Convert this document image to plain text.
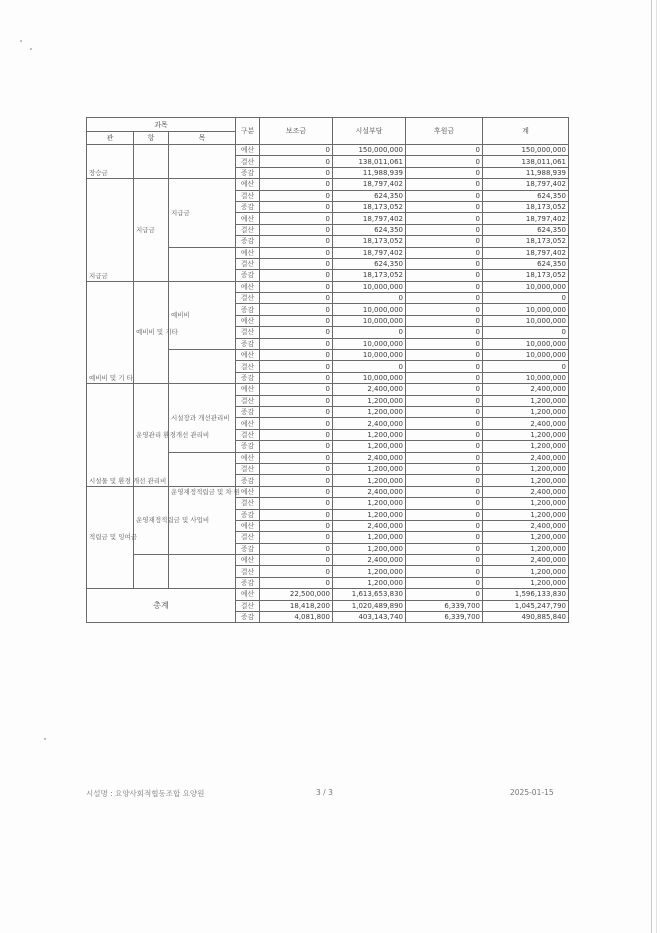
과목			구분	보조금	시설부담	후원금	계
관	항	목					
장승금			예산	0	150,000,000	0	150,000,000
			결산	0	138,011,061	0	138,011,061
			증감	0	11,988,939	0	11,988,939
지급금	지급금	지급금	예산	0	18,797,402	0	18,797,402
			결산	0	624,350	0	624,350
			증감	0	18,173,052	0	18,173,052
			예산	0	18,797,402	0	18,797,402
			결산	0	624,350	0	624,350
			증감	0	18,173,052	0	18,173,052
			예산	0	18,797,402	0	18,797,402
			결산	0	624,350	0	624,350
			증감	0	18,173,052	0	18,173,052
예비비 및 기 타	예비비 및 기타	예비비	예산	0	10,000,000	0	10,000,000
			결산	0	0	0	0
			증감	0	10,000,000	0	10,000,000
			예산	0	10,000,000	0	10,000,000
			결산	0	0	0	0
			증감	0	10,000,000	0	10,000,000
			예산	0	10,000,000	0	10,000,000
			결산	0	0	0	0
			증감	0	10,000,000	0	10,000,000
시설물 및 환경 개선 관리비	운영관리 환경개선 관리비	시설장과 개선관리비	예산	0	2,400,000	0	2,400,000
			결산	0	1,200,000	0	1,200,000
			증감	0	1,200,000	0	1,200,000
			예산	0	2,400,000	0	2,400,000
			결산	0	1,200,000	0	1,200,000
			증감	0	1,200,000	0	1,200,000
			예산	0	2,400,000	0	2,400,000
			결산	0	1,200,000	0	1,200,000
			증감	0	1,200,000	0	1,200,000
적립금 및 잉여금	운영재정적립금 및 사업비	운영재정적립금 및 차 원	예산	0	2,400,000	0	2,400,000
			결산	0	1,200,000	0	1,200,000
			증감	0	1,200,000	0	1,200,000
			예산	0	2,400,000	0	2,400,000
			결산	0	1,200,000	0	1,200,000
			증감	0	1,200,000	0	1,200,000
			예산	0	2,400,000	0	2,400,000
			결산	0	1,200,000	0	1,200,000
			증감	0	1,200,000	0	1,200,000
총계			예산	22,500,000	1,613,653,830	0	1,596,133,830
			결산	18,418,200	1,020,489,890	6,339,700	1,045,247,790
			증감	4,081,800	403,143,740	6,339,700	490,885,840
시설명 : 요양사회적협동조합 요양원	3 / 3	2025-01-15
